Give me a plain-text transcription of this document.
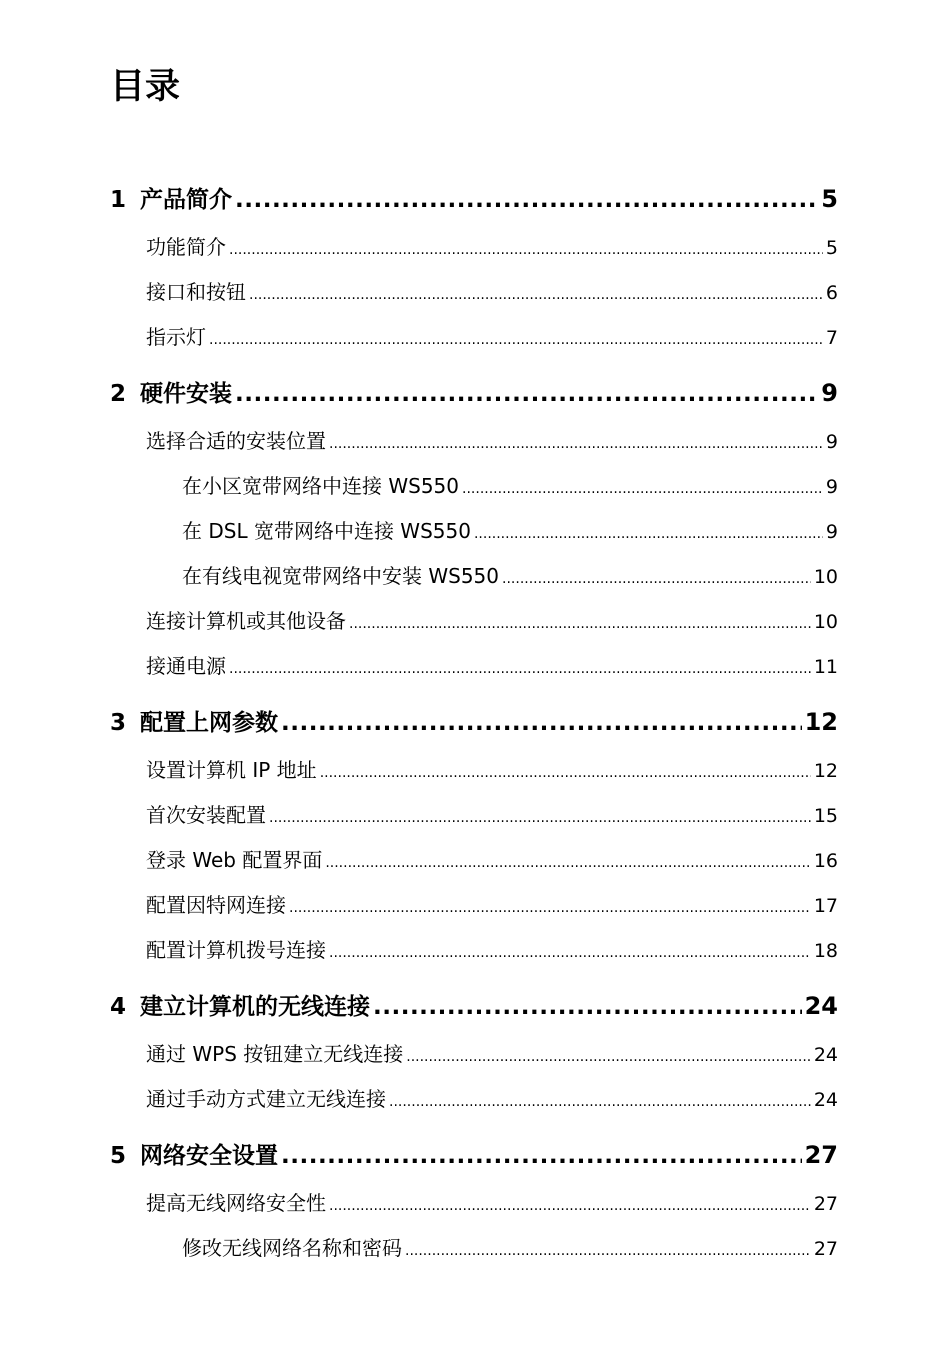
目录
1 产品简介 .....	5
功能简介 .....	5
接口和按钮 .....	6
指示灯 .....	7
2 硬件安装 .....	9
选择合适的安装位置 .....	9
在小区宽带网络中连接 WS550 .....	9
在 DSL 宽带网络中连接 WS550 .....	9
在有线电视宽带网络中安装 WS550 .....	10
连接计算机或其他设备 .....	10
接通电源 .....	11
3 配置上网参数 .....	12
设置计算机 IP 地址 .....	12
首次安装配置 .....	15
登录 Web 配置界面 .....	16
配置因特网连接 .....	17
配置计算机拨号连接 .....	18
4 建立计算机的无线连接 .....	24
通过 WPS 按钮建立无线连接 .....	24
通过手动方式建立无线连接 .....	24
5 网络安全设置 .....	27
提高无线网络安全性 .....	27
修改无线网络名称和密码 .....	27
